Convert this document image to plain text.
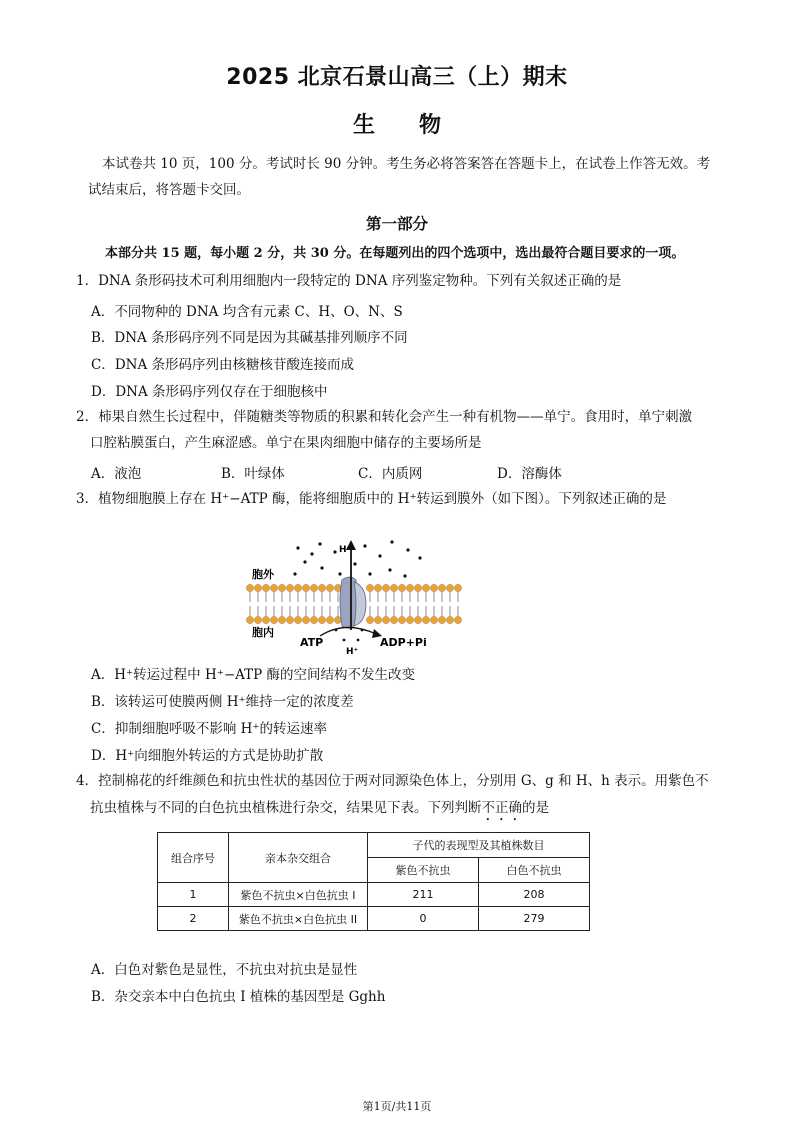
2025 北京石景山高三（上）期末
生　　物
本试卷共 10 页，100 分。考试时长 90 分钟。考生务必将答案答在答题卡上，在试卷上作答无效。考
试结束后，将答题卡交回。
第一部分
本部分共 15 题，每小题 2 分，共 30 分。在每题列出的四个选项中，选出最符合题目要求的一项。
1．DNA 条形码技术可利用细胞内一段特定的 DNA 序列鉴定物种。下列有关叙述正确的是
A．不同物种的 DNA 均含有元素 C、H、O、N、S
B．DNA 条形码序列不同是因为其碱基排列顺序不同
C．DNA 条形码序列由核糖核苷酸连接而成
D．DNA 条形码序列仅存在于细胞核中
2．柿果自然生长过程中，伴随糖类等物质的积累和转化会产生一种有机物——单宁。食用时，单宁刺激
口腔粘膜蛋白，产生麻涩感。单宁在果肉细胞中储存的主要场所是
A．液泡	B．叶绿体	C．内质网	D．溶酶体
3．植物细胞膜上存在 H⁺−ATP 酶，能将细胞质中的 H⁺转运到膜外（如下图）。下列叙述正确的是
胞外
胞内
H⁺
H⁺
ATP	ADP+Pi
A．H⁺转运过程中 H⁺−ATP 酶的空间结构不发生改变
B．该转运可使膜两侧 H⁺维持一定的浓度差
C．抑制细胞呼吸不影响 H⁺的转运速率
D．H⁺向细胞外转运的方式是协助扩散
4．控制棉花的纤维颜色和抗虫性状的基因位于两对同源染色体上，分别用 G、g 和 H、h 表示。用紫色不
抗虫植株与不同的白色抗虫植株进行杂交，结果见下表。下列判断不正确的是
组合序号	亲本杂交组合	子代的表现型及其植株数目	
		紫色不抗虫	白色不抗虫
1	紫色不抗虫×白色抗虫 I	211	208
2	紫色不抗虫×白色抗虫 II	0	279
A．白色对紫色是显性，不抗虫对抗虫是显性
B．杂交亲本中白色抗虫 I 植株的基因型是 Gghh
第1页/共11页
